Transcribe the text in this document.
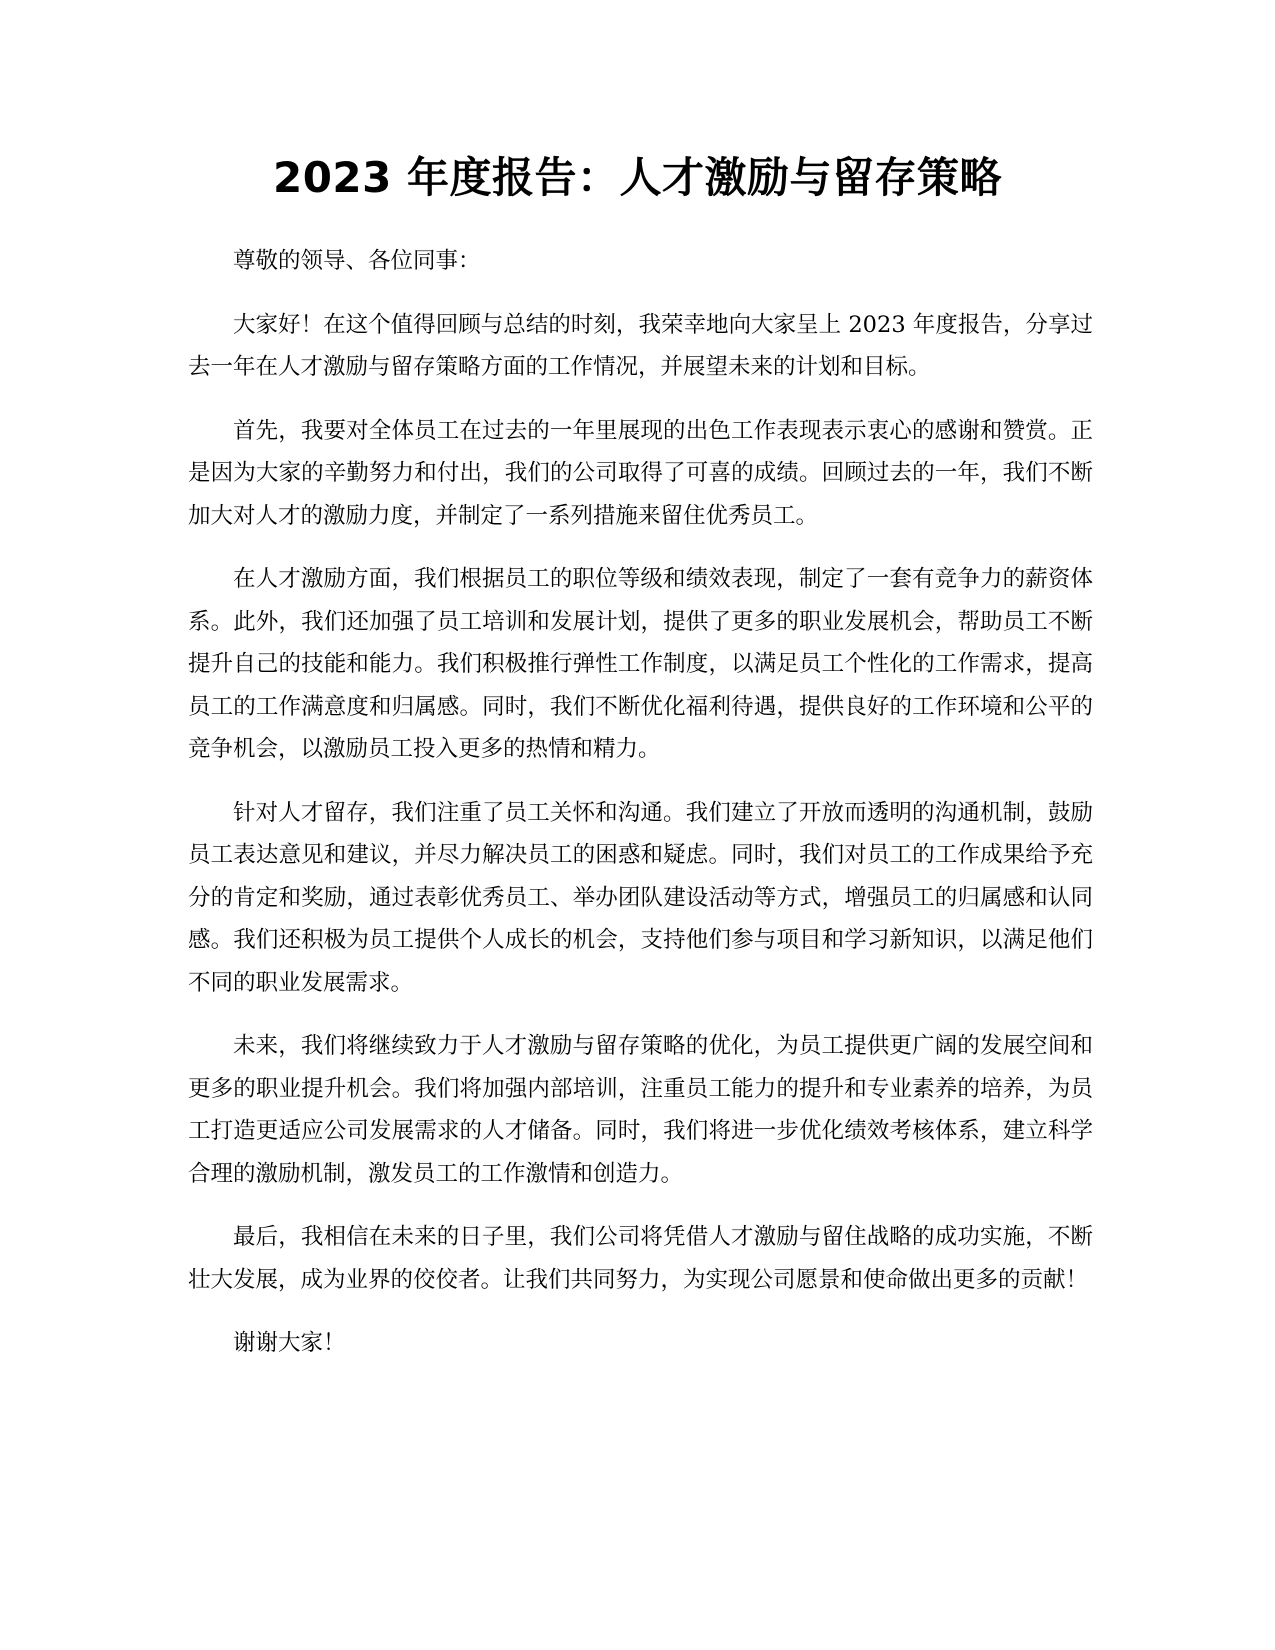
2023 年度报告：人才激励与留存策略

尊敬的领导、各位同事：

大家好！在这个值得回顾与总结的时刻，我荣幸地向大家呈上 2023 年度报告，分享过去一年在人才激励与留存策略方面的工作情况，并展望未来的计划和目标。

首先，我要对全体员工在过去的一年里展现的出色工作表现表示衷心的感谢和赞赏。正是因为大家的辛勤努力和付出，我们的公司取得了可喜的成绩。回顾过去的一年，我们不断加大对人才的激励力度，并制定了一系列措施来留住优秀员工。

在人才激励方面，我们根据员工的职位等级和绩效表现，制定了一套有竞争力的薪资体系。此外，我们还加强了员工培训和发展计划，提供了更多的职业发展机会，帮助员工不断提升自己的技能和能力。我们积极推行弹性工作制度，以满足员工个性化的工作需求，提高员工的工作满意度和归属感。同时，我们不断优化福利待遇，提供良好的工作环境和公平的竞争机会，以激励员工投入更多的热情和精力。

针对人才留存，我们注重了员工关怀和沟通。我们建立了开放而透明的沟通机制，鼓励员工表达意见和建议，并尽力解决员工的困惑和疑虑。同时，我们对员工的工作成果给予充分的肯定和奖励，通过表彰优秀员工、举办团队建设活动等方式，增强员工的归属感和认同感。我们还积极为员工提供个人成长的机会，支持他们参与项目和学习新知识，以满足他们不同的职业发展需求。

未来，我们将继续致力于人才激励与留存策略的优化，为员工提供更广阔的发展空间和更多的职业提升机会。我们将加强内部培训，注重员工能力的提升和专业素养的培养，为员工打造更适应公司发展需求的人才储备。同时，我们将进一步优化绩效考核体系，建立科学合理的激励机制，激发员工的工作激情和创造力。

最后，我相信在未来的日子里，我们公司将凭借人才激励与留住战略的成功实施，不断壮大发展，成为业界的佼佼者。让我们共同努力，为实现公司愿景和使命做出更多的贡献！

谢谢大家！
